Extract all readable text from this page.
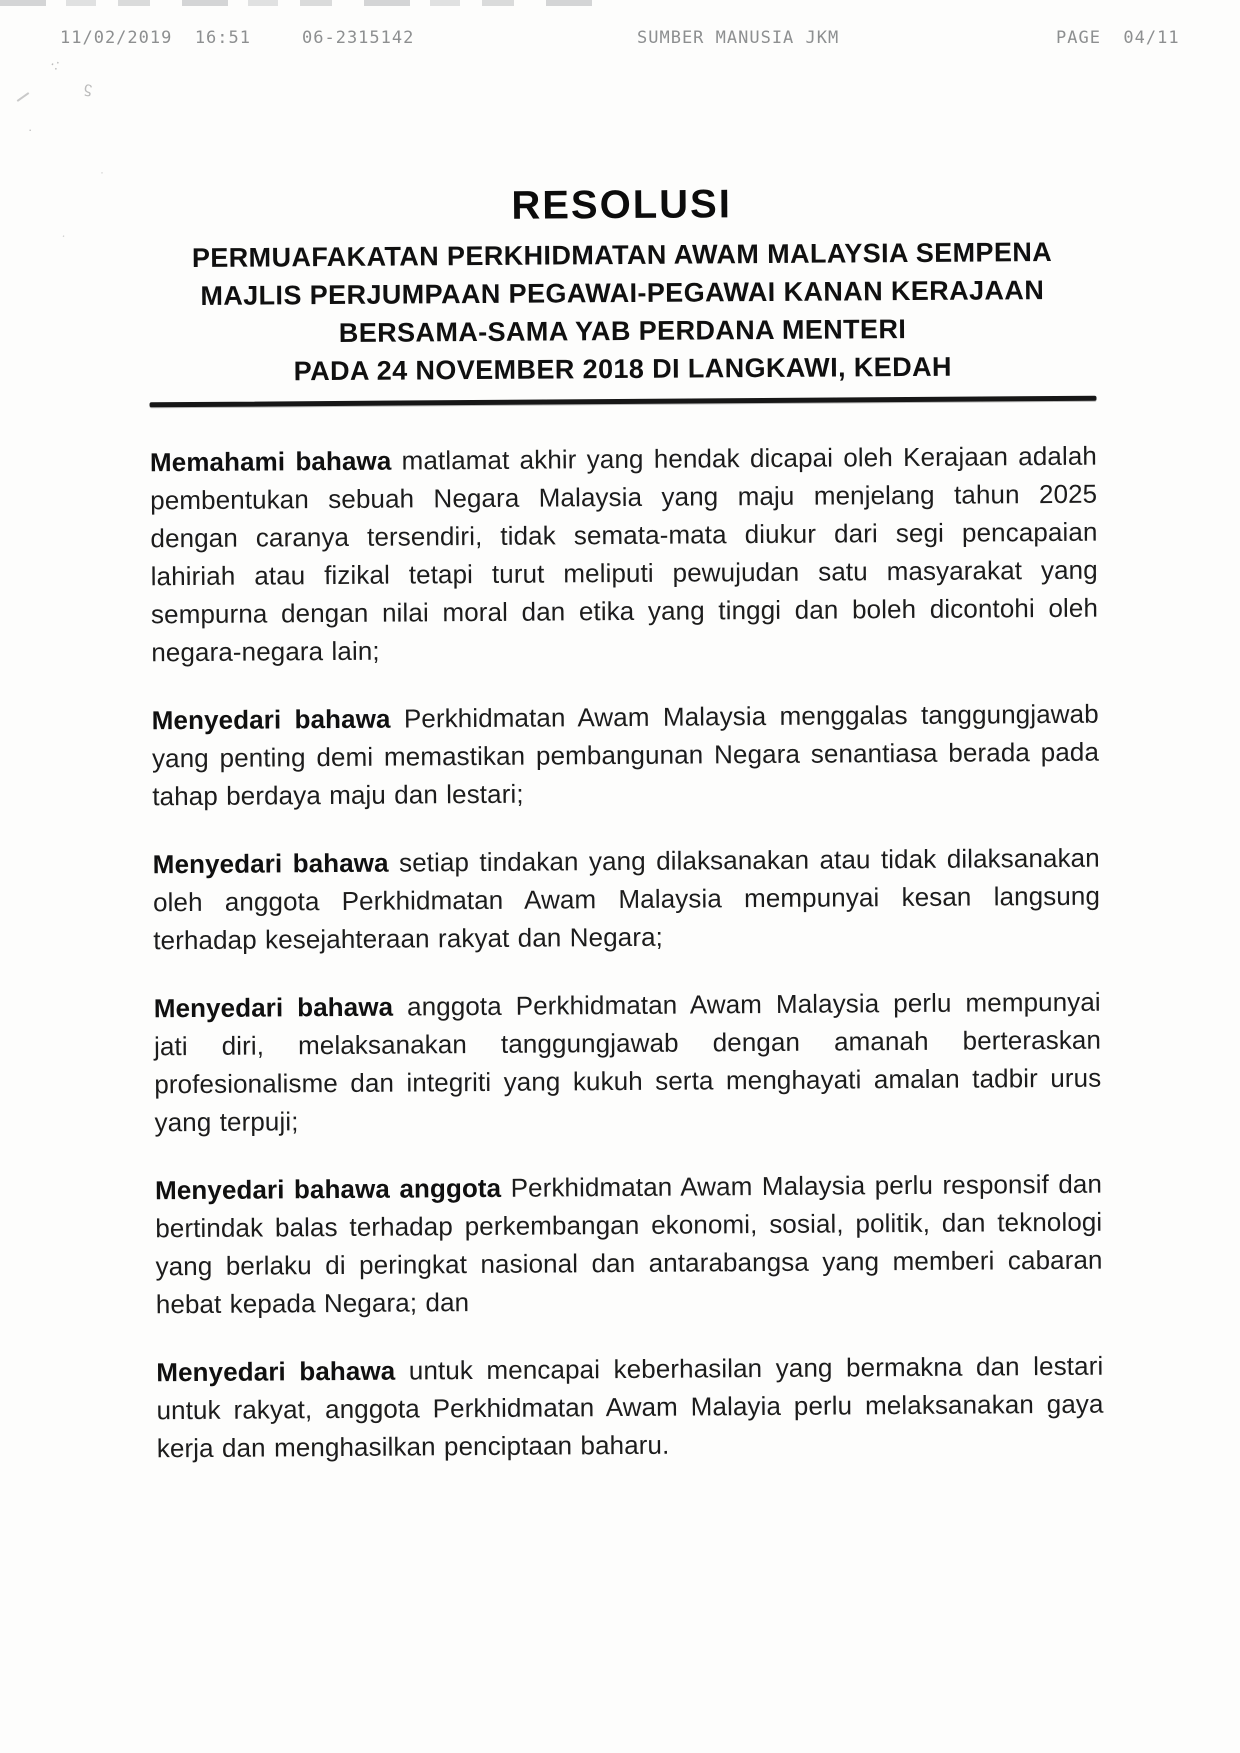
11/02/2019  16:51	06-2315142	SUMBER MANUSIA JKM	PAGE  04/11
·:
ϛ
·
·
·
RESOLUSI
PERMUAFAKATAN PERKHIDMATAN AWAM MALAYSIA SEMPENA
MAJLIS PERJUMPAAN PEGAWAI-PEGAWAI KANAN KERAJAAN
BERSAMA-SAMA YAB PERDANA MENTERI
PADA 24 NOVEMBER 2018 DI LANGKAWI, KEDAH

Memahami bahawa matlamat akhir yang hendak dicapai oleh Kerajaan adalah pembentukan sebuah Negara Malaysia yang maju menjelang tahun 2025 dengan caranya tersendiri, tidak semata-mata diukur dari segi pencapaian lahiriah atau fizikal tetapi turut meliputi pewujudan satu masyarakat yang sempurna dengan nilai moral dan etika yang tinggi dan boleh dicontohi oleh negara-negara lain;

Menyedari bahawa Perkhidmatan Awam Malaysia menggalas tanggungjawab yang penting demi memastikan pembangunan Negara senantiasa berada pada tahap berdaya maju dan lestari;

Menyedari bahawa setiap tindakan yang dilaksanakan atau tidak dilaksanakan oleh anggota Perkhidmatan Awam Malaysia mempunyai kesan langsung terhadap kesejahteraan rakyat dan Negara;

Menyedari bahawa anggota Perkhidmatan Awam Malaysia perlu mempunyai jati diri, melaksanakan tanggungjawab dengan amanah berteraskan profesionalisme dan integriti yang kukuh serta menghayati amalan tadbir urus yang terpuji;

Menyedari bahawa anggota Perkhidmatan Awam Malaysia perlu responsif dan bertindak balas terhadap perkembangan ekonomi, sosial, politik, dan teknologi yang berlaku di peringkat nasional dan antarabangsa yang memberi cabaran hebat kepada Negara; dan

Menyedari bahawa untuk mencapai keberhasilan yang bermakna dan lestari untuk rakyat, anggota Perkhidmatan Awam Malayia perlu melaksanakan gaya kerja dan menghasilkan penciptaan baharu.
